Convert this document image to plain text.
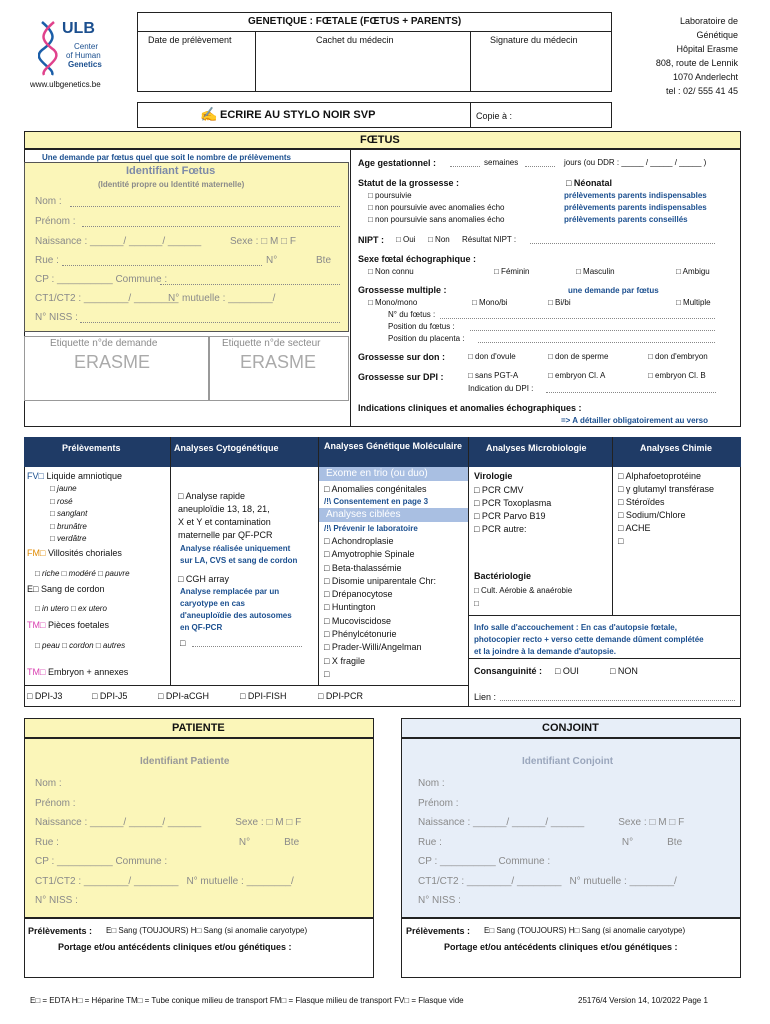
ULB
Center
of Human
Genetics
www.ulbgenetics.be
GENETIQUE : FŒTALE (FŒTUS + PARENTS)
Date de prélèvement	Cachet du médecin	Signature du médecin
Laboratoire de
Génétique
Hôpital Erasme
808, route de Lennik
1070 Anderlecht
tel : 02/ 555 41 45
✍ ECRIRE AU STYLO NOIR SVP	Copie à :
FŒTUS
Une demande par fœtus quel que soit le nombre de prélèvements
Identifiant Fœtus
(Identité propre ou Identité maternelle)
Nom :
Prénom :
Naissance : ______/ ______/ ______	Sexe : □ M □ F
Rue :	N°	Bte
CP : __________ Commune :
CT1/CT2 : ________/ ________
N° mutuelle : ________/
N° NISS :
Etiquette n°de demande	Etiquette n°de secteur
ERASME	ERASME
Age gestationnel :	semaines	jours (ou DDR : _____ / _____ / _____ )
Statut de la grossesse :	□ Néonatal
□ poursuivie
□ non poursuivie avec anomalies écho
□ non poursuivie sans anomalies écho
prélèvements parents indispensables
prélèvements parents indispensables
prélèvements parents conseillés
NIPT : □ Oui □ Non Résultat NIPT :
Sexe fœtal échographique :
□ Non connu	□ Féminin	□ Masculin	□ Ambigu
Grossesse multiple :	une demande par fœtus
□ Mono/mono	□ Mono/bi	□ Bi/bi	□ Multiple
N° du fœtus :
Position du fœtus :
Position du placenta :
Grossesse sur don :	□ don d'ovule	□ don de sperme	□ don d'embryon
Grossesse sur DPI :	□ sans PGT-A	□ embryon Cl. A	□ embryon Cl. B
Indication du DPI :
Indications cliniques et anomalies échographiques :
=> A détailler obligatoirement au verso
Prélèvements	Analyses Cytogénétique	Analyses Génétique Moléculaire	Analyses Microbiologie	Analyses Chimie
FV□ Liquide amniotique
□ jaune
□ rosé
□ sanglant
□ brunâtre
□ verdâtre
FM□ Villosités choriales
□ riche □ modéré □ pauvre
E□ Sang de cordon
□ in utero □ ex utero
TM□ Pièces foetales
□ peau □ cordon □ autres
TM□ Embryon + annexes
□ Analyse rapide
aneuploïdie 13, 18, 21,
X et Y et contamination
maternelle par QF-PCR
Analyse réalisée uniquement
sur LA, CVS et sang de cordon
□ CGH array
Analyse remplacée par un
caryotype en cas
d'aneuploïdie des autosomes
en QF-PCR
□
Exome en trio (ou duo)
□ Anomalies congénitales
/!\ Consentement en page 3
Analyses ciblées
/!\ Prévenir le laboratoire
□ Achondroplasie
□ Amyotrophie Spinale
□ Beta-thalassémie
□ Disomie uniparentale Chr:
□ Drépanocytose
□ Huntington
□ Mucoviscidose
□ Phénylcétonurie
□ Prader-Willi/Angelman
□ X fragile
□
Virologie
□ PCR CMV
□ PCR Toxoplasma
□ PCR Parvo B19
□ PCR autre:
Bactériologie
□ Cult. Aérobie & anaérobie
□
□ Alphafoetoprotéine
□ γ glutamyl transférase
□ Stéroïdes
□ Sodium/Chlore
□ ACHE
□
Info salle d'accouchement : En cas d'autopsie fœtale,
photocopier recto + verso cette demande dûment complétée
et la joindre à la demande d'autopsie.
Consanguinité : □ OUI	□ NON
□ DPI-J3	□ DPI-J5	□ DPI-aCGH	□ DPI-FISH	□ DPI-PCR	Lien :
PATIENTE
Identifiant Patiente
Nom :
Prénom :
Naissance : ______/ ______/ ______	Sexe : □ M □ F
Rue :	N°	Bte
CP : __________ Commune :
CT1/CT2 : ________/ ________ N° mutuelle : ________/
N° NISS :
Prélèvements : E□ Sang (TOUJOURS) H□ Sang (si anomalie caryotype)
Portage et/ou antécédents cliniques et/ou génétiques :
CONJOINT
Identifiant Conjoint
Nom :
Prénom :
Naissance : ______/ ______/ ______	Sexe : □ M □ F
Rue :	N°	Bte
CP : __________ Commune :
CT1/CT2 : ________/ ________ N° mutuelle : ________/
N° NISS :
Prélèvements : E□ Sang (TOUJOURS) H□ Sang (si anomalie caryotype)
Portage et/ou antécédents cliniques et/ou génétiques :
E□ = EDTA H□ = Héparine TM□ = Tube conique milieu de transport FM□ = Flasque milieu de transport FV□ = Flasque vide	25176/4 Version 14, 10/2022 Page 1
